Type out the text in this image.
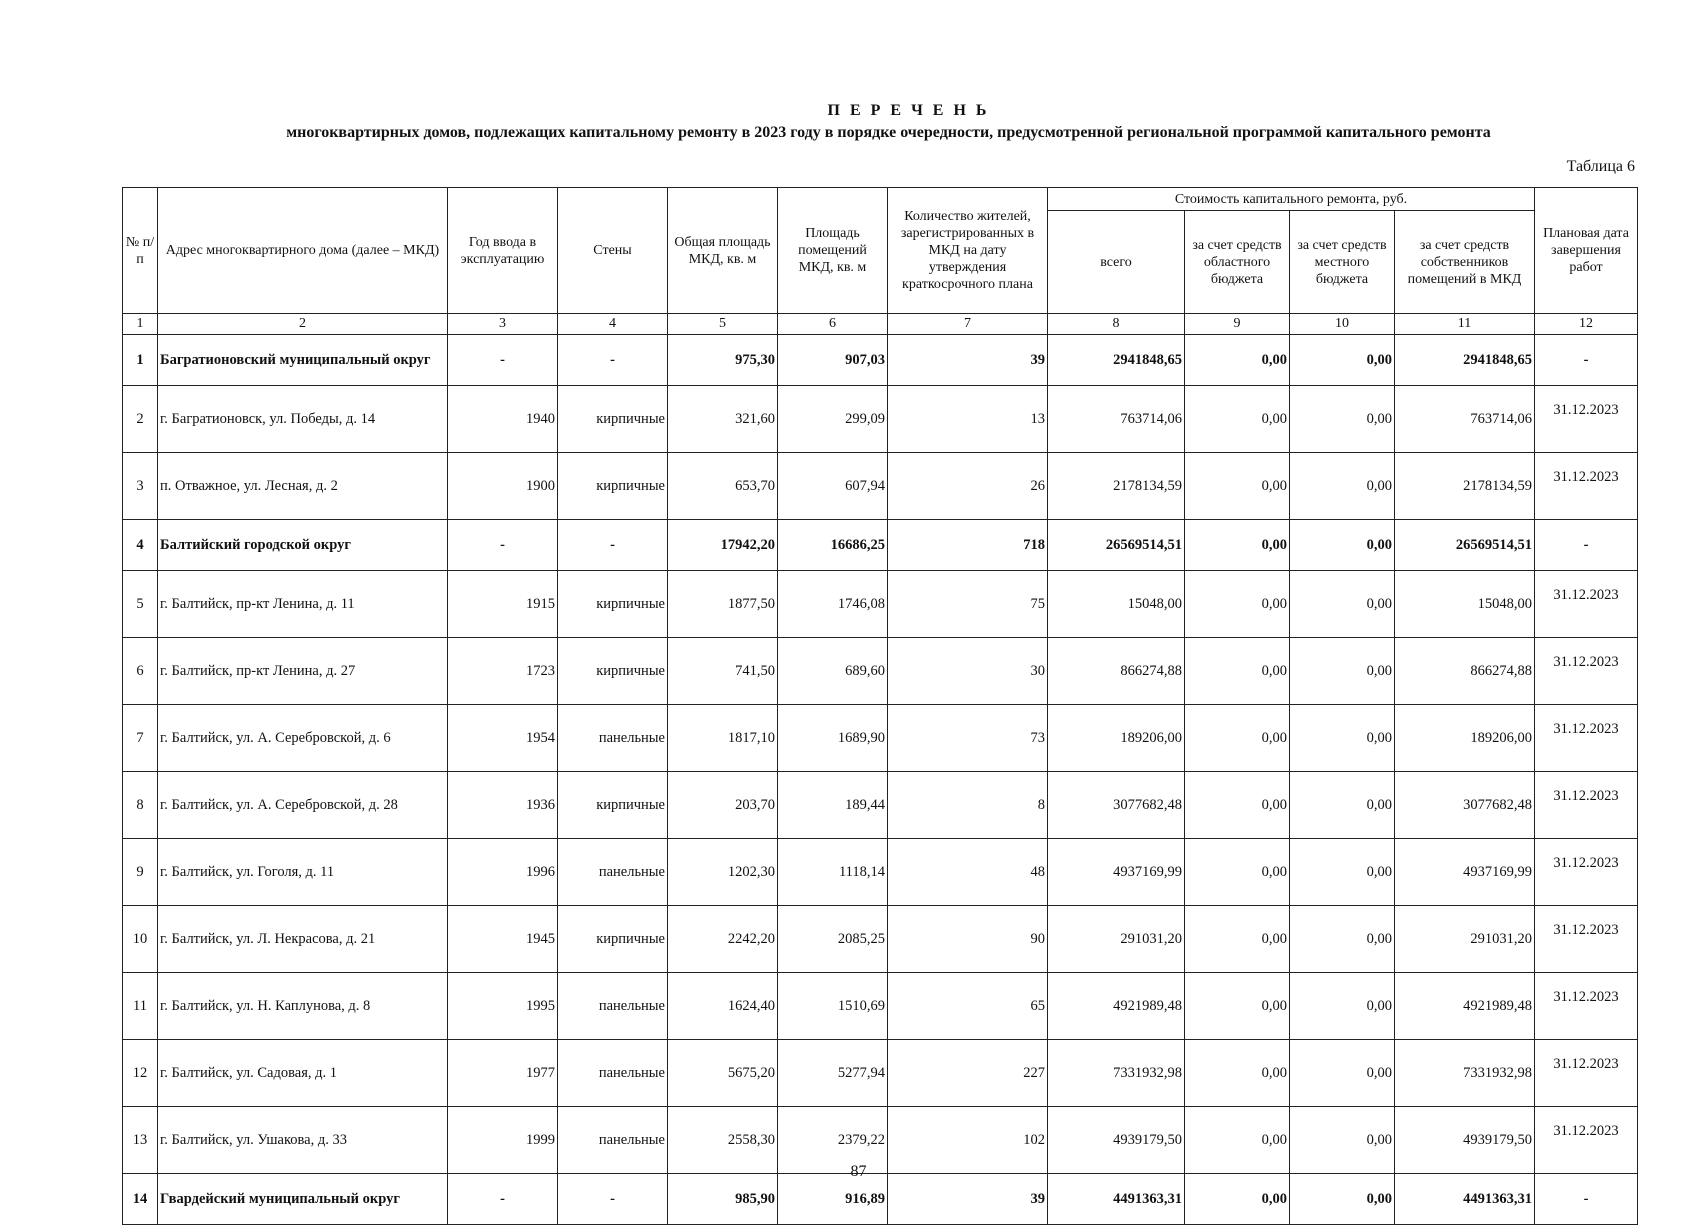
П Е Р Е Ч Е Н Ь
многоквартирных домов, подлежащих капитальному ремонту в 2023 году в порядке очередности, предусмотренной региональной программой капитального ремонта
Таблица 6
№ п/п	Адрес многоквартирного дома (далее – МКД)	Год ввода в эксплуатацию	Стены	Общая площадь МКД, кв. м	Площадь помещений МКД, кв. м	Количество жителей, зарегистрированных в МКД на дату утверждения краткосрочного плана	Стоимость капитального ремонта, руб.				Плановая дата завершения работ
							всего	за счет средств областного бюджета	за счет средств местного бюджета	за счет средств собственников помещений в МКД	
1	2	3	4	5	6	7	8	9	10	11	12
1	Багратионовский муниципальный округ	-	-	975,30	907,03	39	2941848,65	0,00	0,00	2941848,65	-
2	г. Багратионовск, ул. Победы, д. 14	1940	кирпичные	321,60	299,09	13	763714,06	0,00	0,00	763714,06	31.12.2023
3	п. Отважное, ул. Лесная, д. 2	1900	кирпичные	653,70	607,94	26	2178134,59	0,00	0,00	2178134,59	31.12.2023
4	Балтийский городской округ	-	-	17942,20	16686,25	718	26569514,51	0,00	0,00	26569514,51	-
5	г. Балтийск, пр-кт Ленина, д. 11	1915	кирпичные	1877,50	1746,08	75	15048,00	0,00	0,00	15048,00	31.12.2023
6	г. Балтийск, пр-кт Ленина, д. 27	1723	кирпичные	741,50	689,60	30	866274,88	0,00	0,00	866274,88	31.12.2023
7	г. Балтийск, ул. А. Серебровской, д. 6	1954	панельные	1817,10	1689,90	73	189206,00	0,00	0,00	189206,00	31.12.2023
8	г. Балтийск, ул. А. Серебровской, д. 28	1936	кирпичные	203,70	189,44	8	3077682,48	0,00	0,00	3077682,48	31.12.2023
9	г. Балтийск, ул. Гоголя, д. 11	1996	панельные	1202,30	1118,14	48	4937169,99	0,00	0,00	4937169,99	31.12.2023
10	г. Балтийск, ул. Л. Некрасова, д. 21	1945	кирпичные	2242,20	2085,25	90	291031,20	0,00	0,00	291031,20	31.12.2023
11	г. Балтийск, ул. Н. Каплунова, д. 8	1995	панельные	1624,40	1510,69	65	4921989,48	0,00	0,00	4921989,48	31.12.2023
12	г. Балтийск, ул. Садовая, д. 1	1977	панельные	5675,20	5277,94	227	7331932,98	0,00	0,00	7331932,98	31.12.2023
13	г. Балтийск, ул. Ушакова, д. 33	1999	панельные	2558,30	2379,22	102	4939179,50	0,00	0,00	4939179,50	31.12.2023
14	Гвардейский муниципальный округ	-	-	985,90	916,89	39	4491363,31	0,00	0,00	4491363,31	-
87
